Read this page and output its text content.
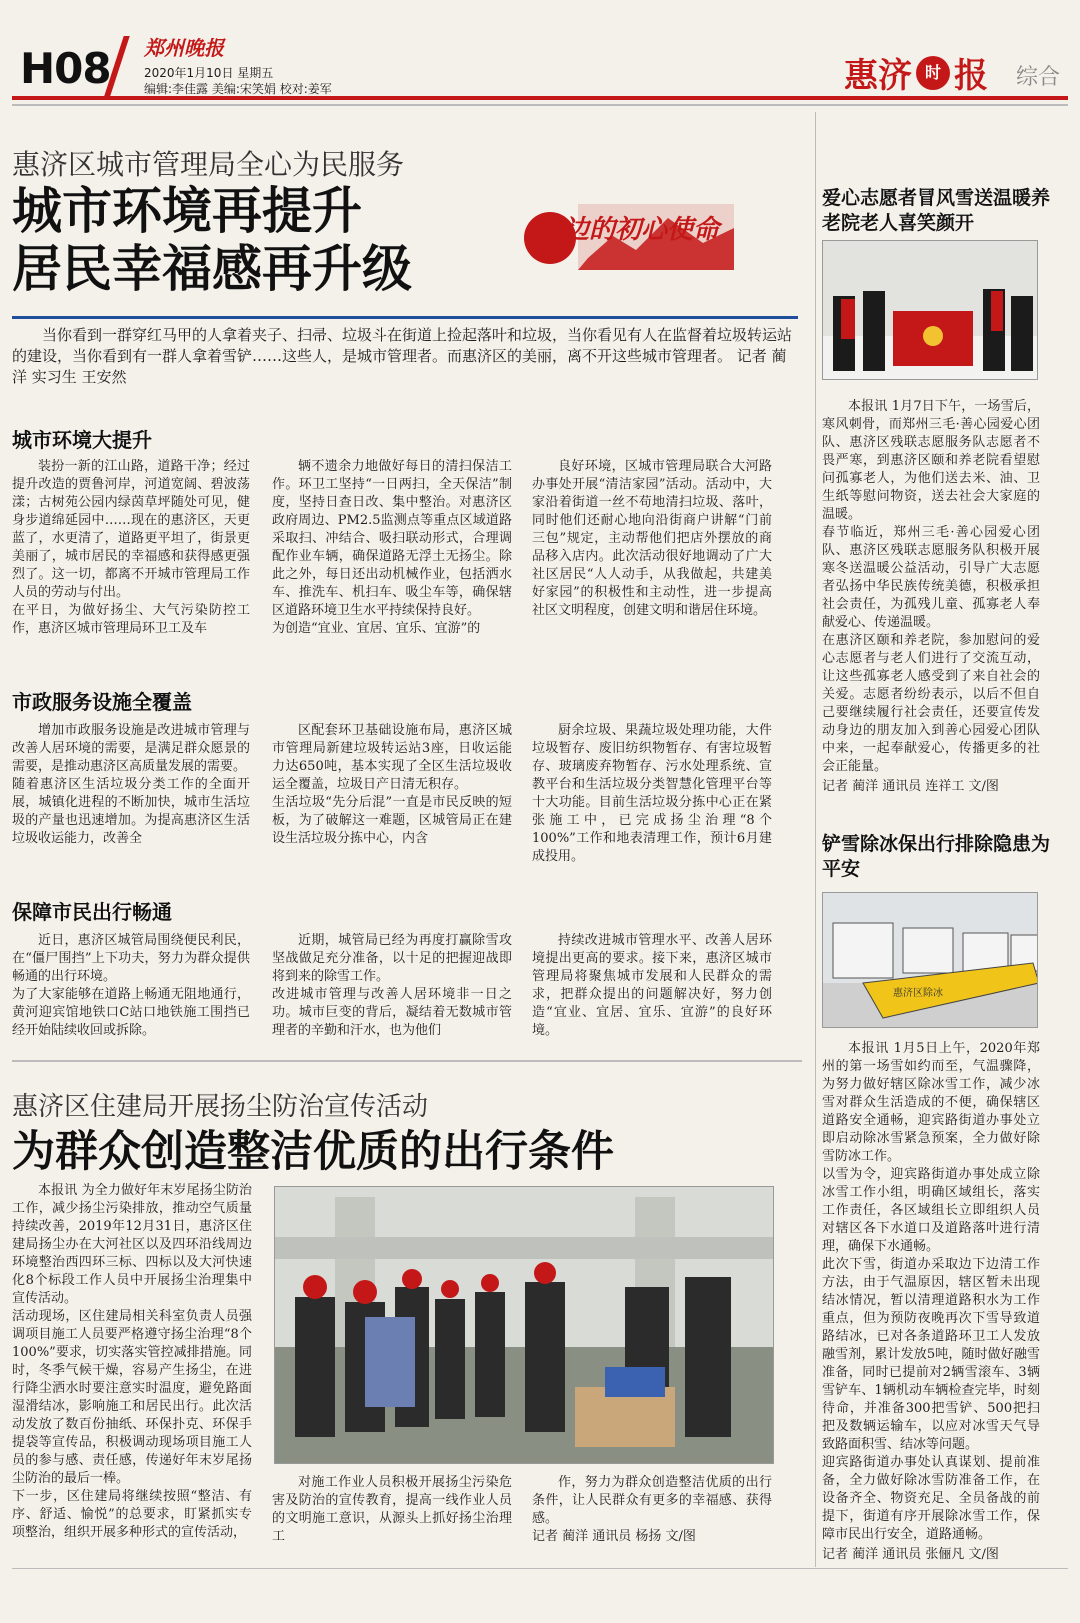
H08 郑州晚报
2020年1月10日 星期五
编辑:李佳露 美编:宋笑娟 校对:姜军	惠济 时 报 综合
惠济区城市管理局全心为民服务
城市环境再提升
居民幸福感再升级
身边的初心使命
当你看到一群穿红马甲的人拿着夹子、扫帚、垃圾斗在街道上捡起落叶和垃圾，当你看见有人在监督着垃圾转运站的建设，当你看到有一群人拿着雪铲……这些人，是城市管理者。而惠济区的美丽，离不开这些城市管理者。 记者 蔺洋 实习生 王安然
城市环境大提升

装扮一新的江山路，道路干净；经过提升改造的贾鲁河岸，河道宽阔、碧波荡漾；古树苑公园内绿茵草坪随处可见，健身步道绵延园中……现在的惠济区，天更蓝了，水更清了，道路更平坦了，街景更美丽了，城市居民的幸福感和获得感更强烈了。这一切，都离不开城市管理局工作人员的劳动与付出。
在平日，为做好扬尘、大气污染防控工作，惠济区城市管理局环卫工及车

辆不遗余力地做好每日的清扫保洁工作。环卫工坚持“一日两扫，全天保洁”制度，坚持日查日改、集中整治。对惠济区政府周边、PM2.5监测点等重点区域道路采取扫、冲结合、吸扫联动形式，合理调配作业车辆，确保道路无浮土无扬尘。除此之外，每日还出动机械作业，包括洒水车、推洗车、机扫车、吸尘车等，确保辖区道路环境卫生水平持续保持良好。
为创造“宜业、宜居、宜乐、宜游”的

良好环境，区城市管理局联合大河路办事处开展“清洁家园”活动。活动中，大家沿着街道一丝不苟地清扫垃圾、落叶，同时他们还耐心地向沿街商户讲解“门前三包”规定，主动帮他们把店外摆放的商品移入店内。此次活动很好地调动了广大社区居民“人人动手，从我做起，共建美好家园”的积极性和主动性，进一步提高社区文明程度，创建文明和谐居住环境。

市政服务设施全覆盖

增加市政服务设施是改进城市管理与改善人居环境的需要，是满足群众愿景的需要，是推动惠济区高质量发展的需要。
随着惠济区生活垃圾分类工作的全面开展，城镇化进程的不断加快，城市生活垃圾的产量也迅速增加。为提高惠济区生活垃圾收运能力，改善全

区配套环卫基础设施布局，惠济区城市管理局新建垃圾转运站3座，日收运能力达650吨，基本实现了全区生活垃圾收运全覆盖，垃圾日产日清无积存。
生活垃圾“先分后混”一直是市民反映的短板，为了破解这一难题，区城管局正在建设生活垃圾分拣中心，内含

厨余垃圾、果蔬垃圾处理功能，大件垃圾暂存、废旧纺织物暂存、有害垃圾暂存、玻璃废弃物暂存、污水处理系统、宣教平台和生活垃圾分类智慧化管理平台等十大功能。目前生活垃圾分拣中心正在紧张施工中，已完成扬尘治理“8个100%”工作和地表清理工作，预计6月建成投用。

保障市民出行畅通

近日，惠济区城管局围绕便民利民，在“僵尸围挡”上下功夫，努力为群众提供畅通的出行环境。
为了大家能够在道路上畅通无阻地通行，黄河迎宾馆地铁口C站口地铁施工围挡已经开始陆续收回或拆除。

近期，城管局已经为再度打赢除雪攻坚战做足充分准备，以十足的把握迎战即将到来的除雪工作。
改进城市管理与改善人居环境非一日之功。城市巨变的背后，凝结着无数城市管理者的辛勤和汗水，也为他们

持续改进城市管理水平、改善人居环境提出更高的要求。接下来，惠济区城市管理局将聚焦城市发展和人民群众的需求，把群众提出的问题解决好，努力创造“宜业、宜居、宜乐、宜游”的良好环境。

惠济区住建局开展扬尘防治宣传活动
为群众创造整洁优质的出行条件

本报讯 为全力做好年末岁尾扬尘防治工作，减少扬尘污染排放，推动空气质量持续改善，2019年12月31日，惠济区住建局扬尘办在大河社区以及四环沿线周边环境整治西四环三标、四标以及大河快速化8个标段工作人员中开展扬尘治理集中宣传活动。
活动现场，区住建局相关科室负责人员强调项目施工人员要严格遵守扬尘治理“8个100%”要求，切实落实管控减排措施。同时，冬季气候干燥，容易产生扬尘，在进行降尘洒水时要注意实时温度，避免路面湿滑结冰，影响施工和居民出行。此次活动发放了数百份抽纸、环保扑克、环保手提袋等宣传品，积极调动现场项目施工人员的参与感、责任感，传递好年末岁尾扬尘防治的最后一棒。
下一步，区住建局将继续按照“整洁、有序、舒适、愉悦”的总要求，盯紧抓实专项整治，组织开展多种形式的宣传活动，

对施工作业人员积极开展扬尘污染危害及防治的宣传教育，提高一线作业人员的文明施工意识，从源头上抓好扬尘治理工

作，努力为群众创造整洁优质的出行条件，让人民群众有更多的幸福感、获得感。

记者 蔺洋 通讯员 杨扬 文/图

爱心志愿者冒风雪送温暖养老院老人喜笑颜开

本报讯 1月7日下午，一场雪后，寒风刺骨，而郑州三毛·善心园爱心团队、惠济区残联志愿服务队志愿者不畏严寒，到惠济区颐和养老院看望慰问孤寡老人，为他们送去米、油、卫生纸等慰问物资，送去社会大家庭的温暖。
春节临近，郑州三毛·善心园爱心团队、惠济区残联志愿服务队积极开展寒冬送温暖公益活动，引导广大志愿者弘扬中华民族传统美德，积极承担社会责任，为孤残儿童、孤寡老人奉献爱心、传递温暖。
在惠济区颐和养老院，参加慰问的爱心志愿者与老人们进行了交流互动，让这些孤寡老人感受到了来自社会的关爱。志愿者纷纷表示，以后不但自己要继续履行社会责任，还要宣传发动身边的朋友加入到善心园爱心团队中来，一起奉献爱心，传播更多的社会正能量。

记者 蔺洋 通讯员 连祥工 文/图

铲雪除冰保出行排除隐患为平安
惠济区除冰

本报讯 1月5日上午，2020年郑州的第一场雪如约而至，气温骤降，为努力做好辖区除冰雪工作，减少冰雪对群众生活造成的不便，确保辖区道路安全通畅，迎宾路街道办事处立即启动除冰雪紧急预案，全力做好除雪防冰工作。
以雪为令，迎宾路街道办事处成立除冰雪工作小组，明确区域组长，落实工作责任，各区域组长立即组织人员对辖区各下水道口及道路落叶进行清理，确保下水通畅。
此次下雪，街道办采取边下边清工作方法，由于气温原因，辖区暂未出现结冰情况，暂以清理道路积水为工作重点，但为预防夜晚再次下雪导致道路结冰，已对各条道路环卫工人发放融雪剂，累计发放5吨，随时做好融雪准备，同时已提前对2辆雪滚车、3辆雪铲车、1辆机动车辆检查完毕，时刻待命，并准备300把雪铲、500把扫把及数辆运输车，以应对冰雪天气导致路面积雪、结冰等问题。
迎宾路街道办事处认真谋划、提前准备，全力做好除冰雪防准备工作，在设备齐全、物资充足、全员备战的前提下，街道有序开展除冰雪工作，保障市民出行安全，道路通畅。

记者 蔺洋 通讯员 张俪凡 文/图
